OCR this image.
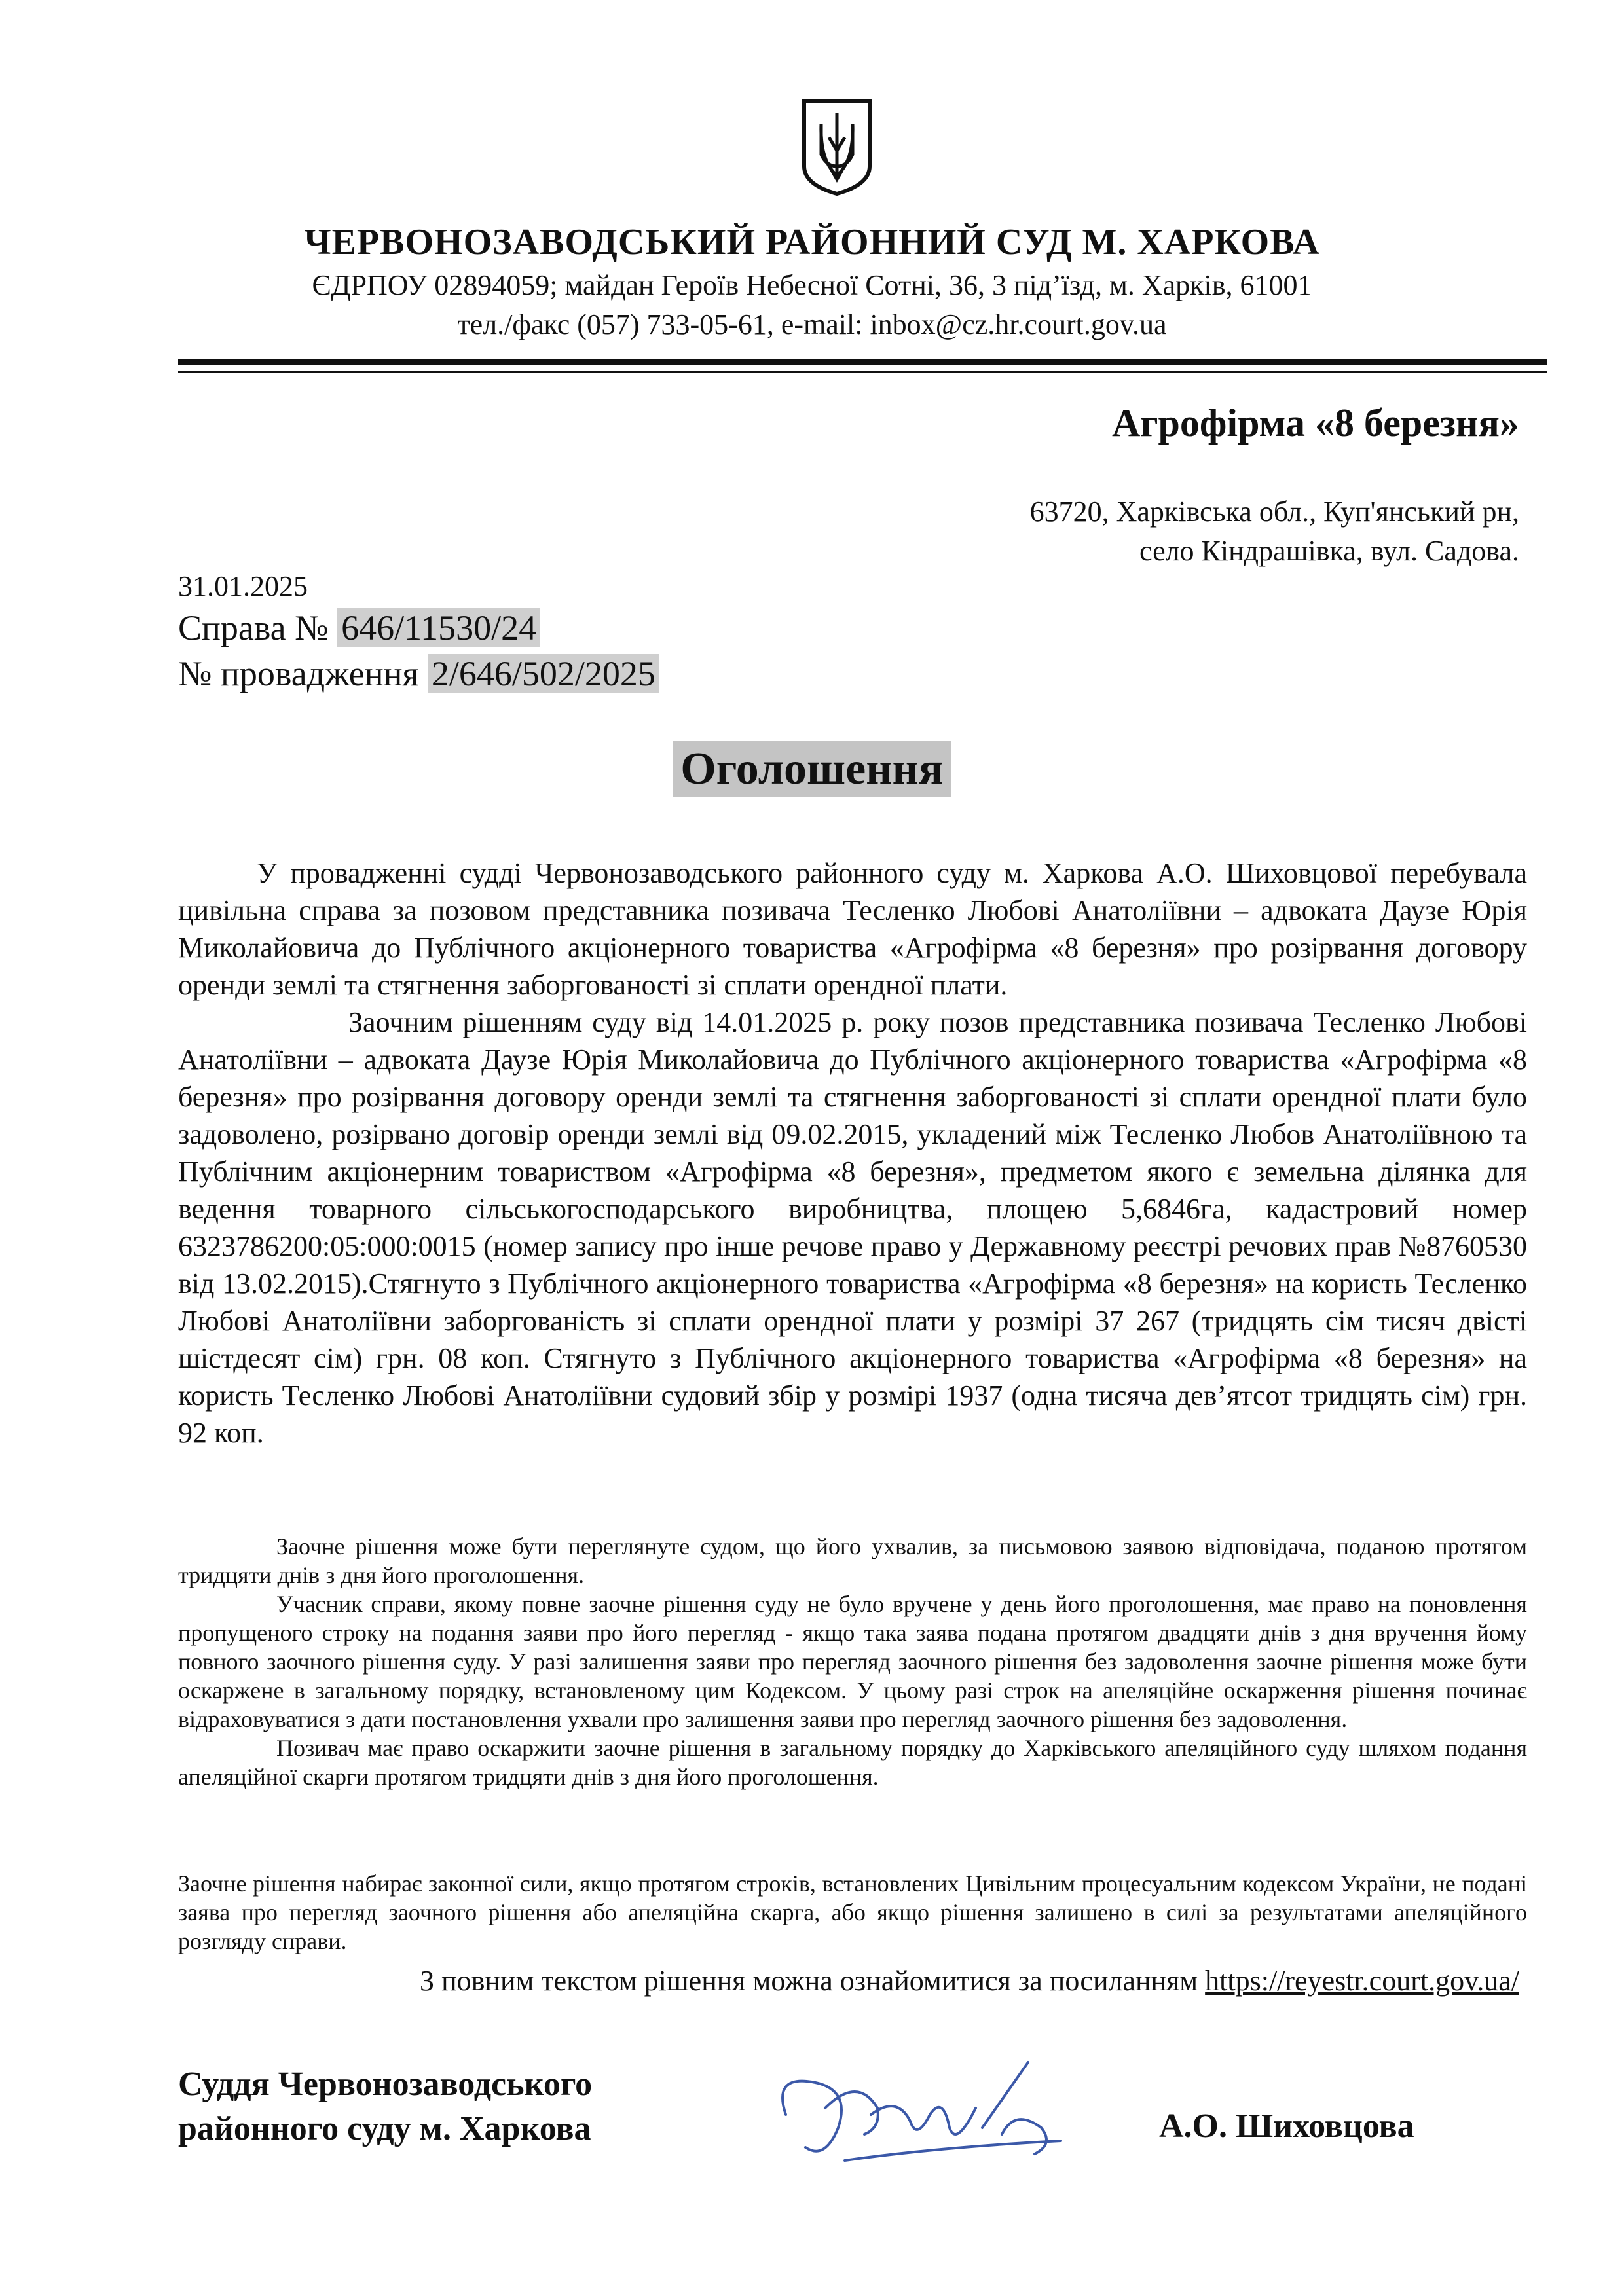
ЧЕРВОНОЗАВОДСЬКИЙ РАЙОННИЙ СУД М. ХАРКОВА
ЄДРПОУ 02894059; майдан Героїв Небесної Сотні, 36, 3 під’їзд, м. Харків, 61001
тел./факс (057) 733-05-61, e-mail: inbox@cz.hr.court.gov.ua
Агрофірма «8 березня»
63720, Харківська обл., Куп'янський рн,
село Кіндрашівка, вул. Садова.
31.01.2025
Справа № 646/11530/24
№ провадження 2/646/502/2025
Оголошення

У провадженні судді Червонозаводського районного суду м. Харкова А.О. Шиховцової перебувала цивільна справа за позовом представника позивача Тесленко Любові Анатоліївни – адвоката Даузе Юрія Миколайовича до Публічного акціонерного товариства «Агрофірма «8 березня» про розірвання договору оренди землі та стягнення заборгованості зі сплати орендної плати.

Заочним рішенням суду від 14.01.2025 р. року позов представника позивача Тесленко Любові Анатоліївни – адвоката Даузе Юрія Миколайовича до Публічного акціонерного товариства «Агрофірма «8 березня» про розірвання договору оренди землі та стягнення заборгованості зі сплати орендної плати було задоволено, розірвано договір оренди землі від 09.02.2015, укладений між Тесленко Любов Анатоліївною та Публічним акціонерним товариством «Агрофірма «8 березня», предметом якого є земельна ділянка для ведення товарного сільськогосподарського виробництва, площею 5,6846га, кадастровий номер 6323786200:05:000:0015 (номер запису про інше речове право у Державному реєстрі речових прав №8760530 від 13.02.2015).Стягнуто з Публічного акціонерного товариства «Агрофірма «8 березня» на користь Тесленко Любові Анатоліївни заборгованість зі сплати орендної плати у розмірі 37 267 (тридцять сім тисяч двісті шістдесят сім) грн. 08 коп. Стягнуто з Публічного акціонерного товариства «Агрофірма «8 березня» на користь Тесленко Любові Анатоліївни судовий збір у розмірі 1937 (одна тисяча дев’ятсот тридцять сім) грн. 92 коп.

Заочне рішення може бути переглянуте судом, що його ухвалив, за письмовою заявою відповідача, поданою протягом тридцяти днів з дня його проголошення.

Учасник справи, якому повне заочне рішення суду не було вручене у день його проголошення, має право на поновлення пропущеного строку на подання заяви про його перегляд - якщо така заява подана протягом двадцяти днів з дня вручення йому повного заочного рішення суду. У разі залишення заяви про перегляд заочного рішення без задоволення заочне рішення може бути оскаржене в загальному порядку, встановленому цим Кодексом. У цьому разі строк на апеляційне оскарження рішення починає відраховуватися з дати постановлення ухвали про залишення заяви про перегляд заочного рішення без задоволення.

Позивач має право оскаржити заочне рішення в загальному порядку до Харківського апеляційного суду шляхом подання апеляційної скарги протягом тридцяти днів з дня його проголошення.

Заочне рішення набирає законної сили, якщо протягом строків, встановлених Цивільним процесуальним кодексом України, не подані заява про перегляд заочного рішення або апеляційна скарга, або якщо рішення залишено в силі за результатами апеляційного розгляду справи.

З повним текстом рішення можна ознайомитися за посиланням https://reyestr.court.gov.ua/
Суддя Червонозаводського
районного суду м. Харкова	А.О. Шиховцова
